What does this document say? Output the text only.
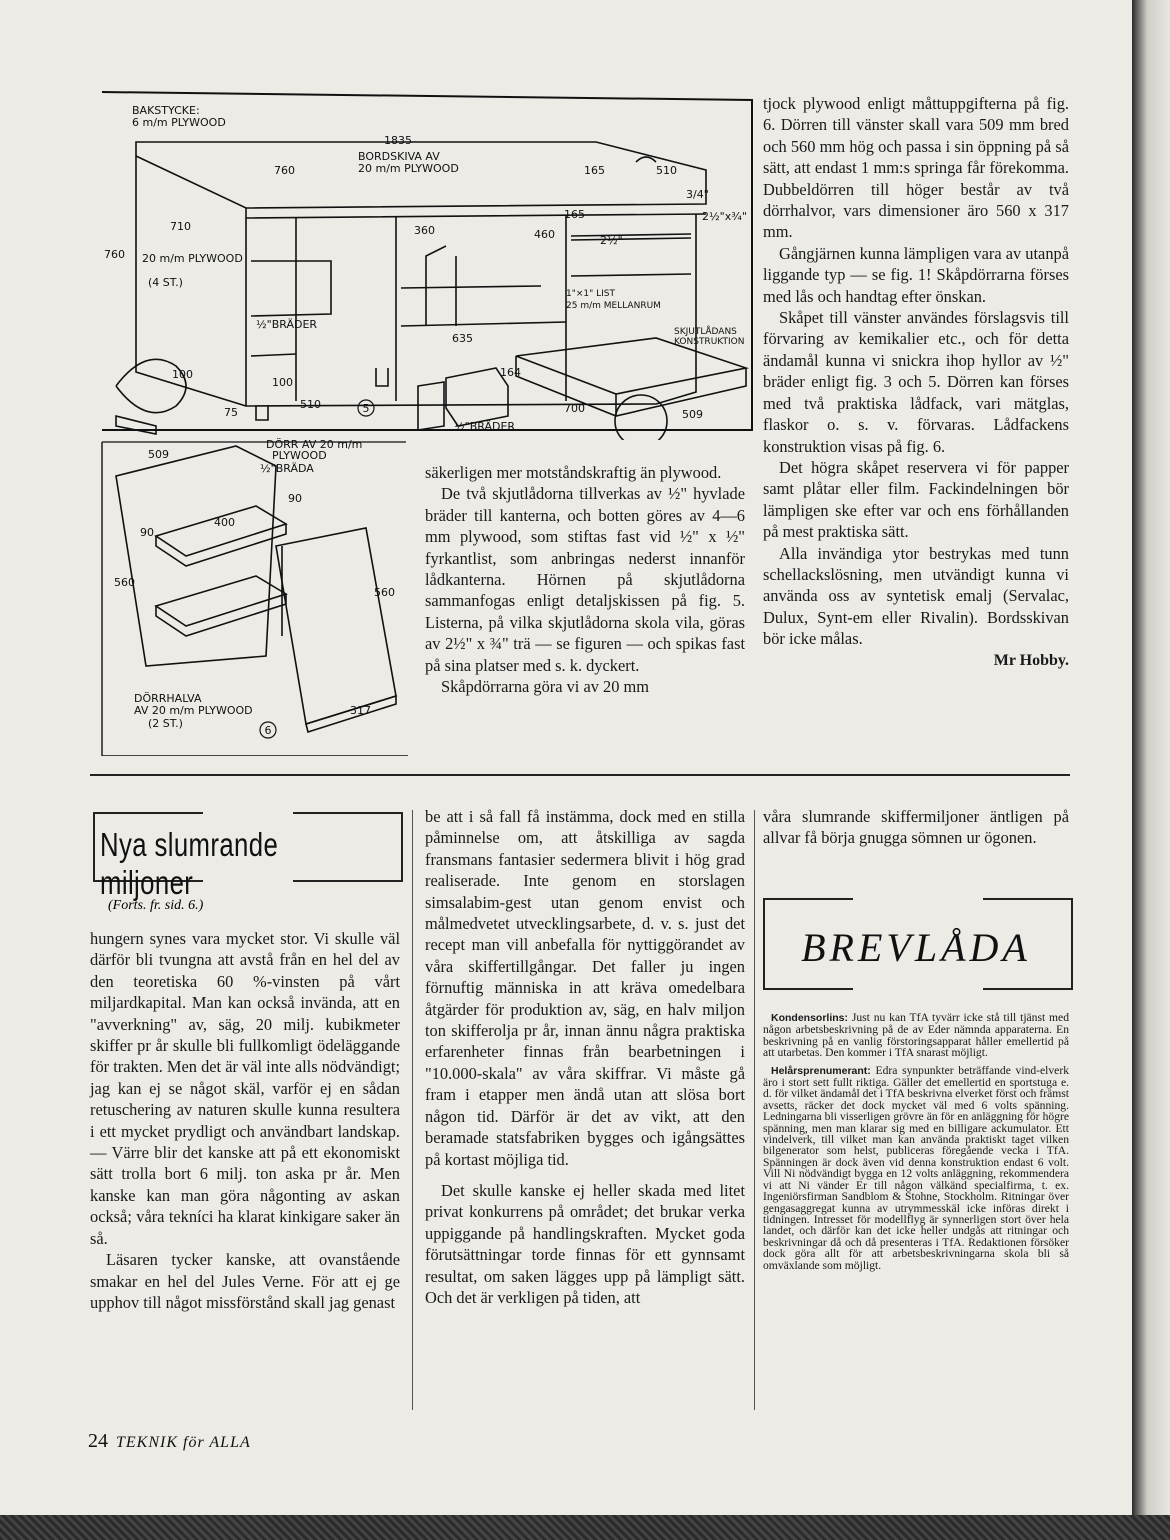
BAKSTYCKE:
6 m/m PLYWOOD
1835
BORDSKIVA AV
20 m/m PLYWOOD
760
760
710
20 m/m PLYWOOD
(4 ST.)
360	460
165
165
510
3/4"
2½"x¾"
2½"
1"×1" LIST
25 m/m MELLANRUM
½"BRÄDER
SKJUTLÅDANS
KONSTRUKTION
100
100
75
510
635
164
700	509
½"BRÄDER
5
DÖRR AV 20 m/m
PLYWOOD
½"BRÄDA
509
90
400
90
560
560
DÖRRHALVA
AV 20 m/m PLYWOOD
(2 ST.)
317
6

säkerligen mer motståndskraftig än plywood.

De två skjutlådorna tillverkas av ½" hyvlade bräder till kanterna, och botten göres av 4—6 mm plywood, som stiftas fast vid ½" x ½" fyrkantlist, som anbringas nederst innanför lådkanterna. Hörnen på skjutlådorna sammanfogas enligt detaljskissen på fig. 5. Listerna, på vilka skjutlådorna skola vila, göras av 2½" x ¾" trä — se figuren — och spikas fast på sina platser med s. k. dyckert.

Skåpdörrarna göra vi av 20 mm

tjock plywood enligt måttuppgifterna på fig. 6. Dörren till vänster skall vara 509 mm bred och 560 mm hög och passa i sin öppning på så sätt, att endast 1 mm:s springa får förekomma. Dubbeldörren till höger består av två dörrhalvor, vars dimensioner äro 560 x 317 mm.

Gångjärnen kunna lämpligen vara av utanpå liggande typ — se fig. 1! Skåpdörrarna förses med lås och handtag efter önskan.

Skåpet till vänster användes förslagsvis till förvaring av kemikalier etc., och för detta ändamål kunna vi snickra ihop hyllor av ½" bräder enligt fig. 3 och 5. Dörren kan förses med två praktiska lådfack, vari mätglas, flaskor o. s. v. förvaras. Lådfackens konstruktion visas på fig. 6.

Det högra skåpet reservera vi för papper samt plåtar eller film. Fackindelningen bör lämpligen ske efter var och ens förhållanden på mest praktiska sätt.

Alla invändiga ytor bestrykas med tunn schellackslösning, men utvändigt kunna vi använda oss av syntetisk emalj (Servalac, Dulux, Synt-em eller Rivalin). Bordsskivan bör icke målas.

Mr Hobby.
Nya slumrande miljoner
(Forts. fr. sid. 6.)

hungern synes vara mycket stor. Vi skulle väl därför bli tvungna att avstå från en hel del av den teoretiska 60 %-vinsten på vårt miljardkapital. Man kan också invända, att en "avverkning" av, säg, 20 milj. kubikmeter skiffer pr år skulle bli fullkomligt ödeläggande för trakten. Men det är väl inte alls nödvändigt; jag kan ej se något skäl, varför ej en sådan retuschering av naturen skulle kunna resultera i ett mycket prydligt och användbart landskap. — Värre blir det kanske att på ett ekonomiskt sätt trolla bort 6 milj. ton aska pr år. Men kanske kan man göra någonting av askan också; våra tekníci ha klarat kinkigare saker än så.

Läsaren tycker kanske, att ovanstående smakar en hel del Jules Verne. För att ej ge upphov till något missförstånd skall jag genast

be att i så fall få instämma, dock med en stilla påminnelse om, att åtskilliga av sagda fransmans fantasier sedermera blivit i hög grad realiserade. Inte genom en storslagen simsalabim-gest utan genom envist och målmedvetet utvecklingsarbete, d. v. s. just det recept man vill anbefalla för nyttiggörandet av våra skiffertillgångar. Det faller ju ingen förnuftig människa in att kräva omedelbara åtgärder för produktion av, säg, en halv miljon ton skifferolja pr år, innan ännu några praktiska erfarenheter finnas från bearbetningen i "10.000-skala" av våra skiffrar. Vi måste gå fram i etapper men ändå utan att slösa bort någon tid. Därför är det av vikt, att den beramade statsfabriken bygges och igångsättes på kortast möjliga tid.

Det skulle kanske ej heller skada med litet privat konkurrens på området; det brukar verka uppiggande på handlingskraften. Mycket goda förutsättningar torde finnas för ett gynnsamt resultat, om saken lägges upp på lämpligt sätt. Och det är verkligen på tiden, att

våra slumrande skiffermiljoner äntligen på allvar få börja gnugga sömnen ur ögonen.

BREVLÅDA

Kondensorlins: Just nu kan TfA tyvärr icke stå till tjänst med någon arbetsbeskrivning på de av Eder nämnda apparaterna. En beskrivning på en vanlig förstoringsapparat håller emellertid på att utarbetas. Den kommer i TfA snarast möjligt.

Helårsprenumerant: Edra synpunkter beträffande vind-elverk äro i stort sett fullt riktiga. Gäller det emellertid en sportstuga e. d. för vilket ändamål det i TfA beskrivna elverket först och främst avsetts, räcker det dock mycket väl med 6 volts spänning. Ledningarna bli visserligen grövre än för en anläggning för högre spänning, men man klarar sig med en billigare ackumulator. Ett vindelverk, till vilket man kan använda praktiskt taget vilken bilgenerator som helst, publiceras föregående vecka i TfA. Spänningen är dock även vid denna konstruktion endast 6 volt. Vill Ni nödvändigt bygga en 12 volts anläggning, rekommendera vi att Ni vänder Er till någon välkänd specialfirma, t. ex. Ingeniörsfirman Sandblom & Stohne, Stockholm. Ritningar över gengasaggregat kunna av utrymmesskäl icke införas direkt i tidningen. Intresset för modellflyg är synnerligen stort över hela landet, och därför kan det icke heller undgås att ritningar och beskrivningar då och då presenteras i TfA. Redaktionen försöker dock göra allt för att arbetsbeskrivningarna skola bli så omväxlande som möjligt.

24 TEKNIK för ALLA
